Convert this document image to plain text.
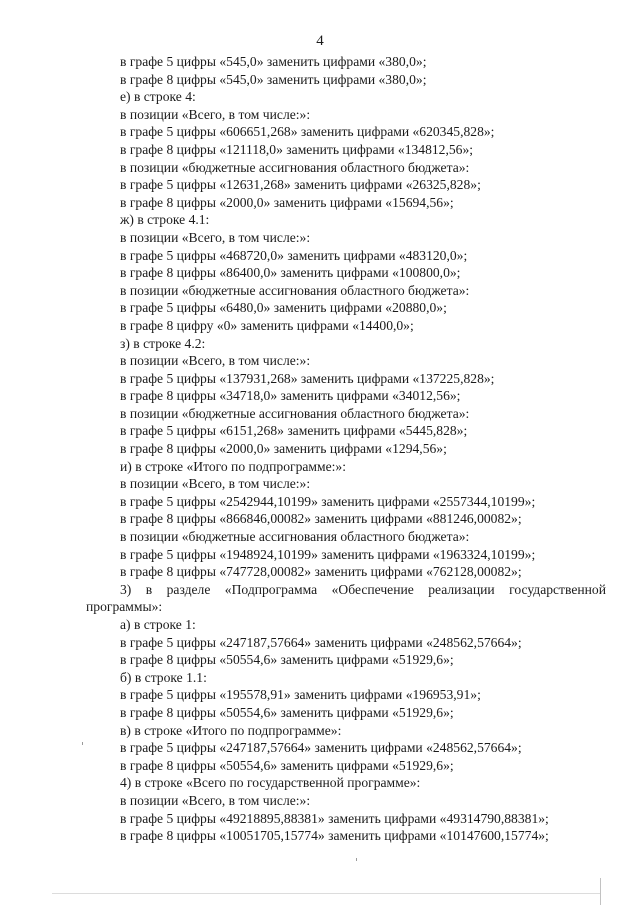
4
в графе 5 цифры «545,0» заменить цифрами «380,0»;
в графе 8 цифры «545,0» заменить цифрами «380,0»;
е) в строке 4:
в позиции «Всего, в том числе:»:
в графе 5 цифры «606651,268» заменить цифрами «620345,828»;
в графе 8 цифры «121118,0» заменить цифрами «134812,56»;
в позиции «бюджетные ассигнования областного бюджета»:
в графе 5 цифры «12631,268» заменить цифрами «26325,828»;
в графе 8 цифры «2000,0» заменить цифрами «15694,56»;
ж) в строке 4.1:
в позиции «Всего, в том числе:»:
в графе 5 цифры «468720,0» заменить цифрами «483120,0»;
в графе 8 цифры «86400,0» заменить цифрами «100800,0»;
в позиции «бюджетные ассигнования областного бюджета»:
в графе 5 цифры «6480,0» заменить цифрами «20880,0»;
в графе 8 цифру «0» заменить цифрами «14400,0»;
з) в строке 4.2:
в позиции «Всего, в том числе:»:
в графе 5 цифры «137931,268» заменить цифрами «137225,828»;
в графе 8 цифры «34718,0» заменить цифрами «34012,56»;
в позиции «бюджетные ассигнования областного бюджета»:
в графе 5 цифры «6151,268» заменить цифрами «5445,828»;
в графе 8 цифры «2000,0» заменить цифрами «1294,56»;
и) в строке «Итого по подпрограмме:»:
в позиции «Всего, в том числе:»:
в графе 5 цифры «2542944,10199» заменить цифрами «2557344,10199»;
в графе 8 цифры «866846,00082» заменить цифрами «881246,00082»;
в позиции «бюджетные ассигнования областного бюджета»:
в графе 5 цифры «1948924,10199» заменить цифрами «1963324,10199»;
в графе 8 цифры «747728,00082» заменить цифрами «762128,00082»;
3) в разделе «Подпрограмма «Обеспечение реализации государственной
программы»:
а) в строке 1:
в графе 5 цифры «247187,57664» заменить цифрами «248562,57664»;
в графе 8 цифры «50554,6» заменить цифрами «51929,6»;
б) в строке 1.1:
в графе 5 цифры «195578,91» заменить цифрами «196953,91»;
в графе 8 цифры «50554,6» заменить цифрами «51929,6»;
в) в строке «Итого по подпрограмме»:
в графе 5 цифры «247187,57664» заменить цифрами «248562,57664»;
в графе 8 цифры «50554,6» заменить цифрами «51929,6»;
4) в строке «Всего по государственной программе»:
в позиции «Всего, в том числе:»:
в графе 5 цифры «49218895,88381» заменить цифрами «49314790,88381»;
в графе 8 цифры «10051705,15774» заменить цифрами «10147600,15774»;
